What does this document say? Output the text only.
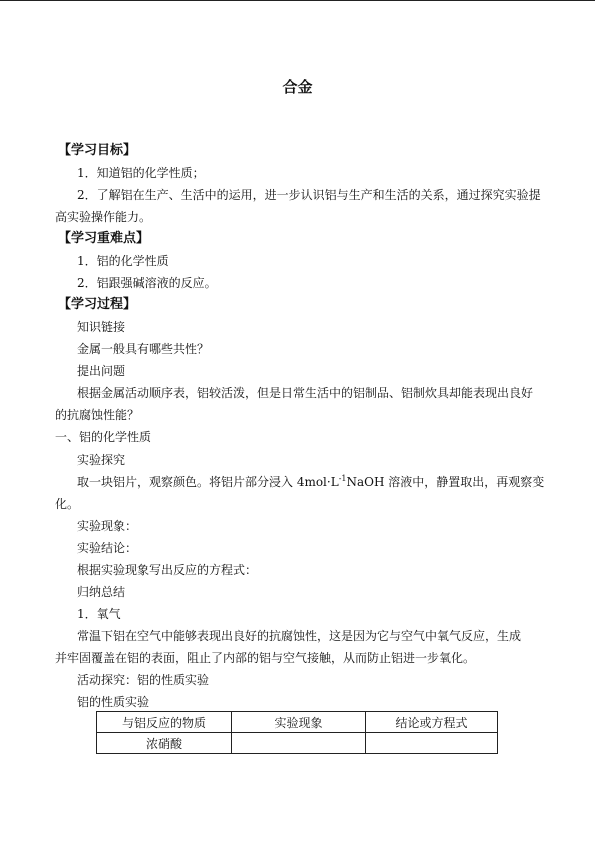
合金
【学习目标】
1．知道铝的化学性质；
2．了解铝在生产、生活中的运用，进一步认识铝与生产和生活的关系，通过探究实验提
高实验操作能力。
【学习重难点】
1．铝的化学性质
2．铝跟强碱溶液的反应。
【学习过程】
知识链接
金属一般具有哪些共性？
提出问题
根据金属活动顺序表，铝较活泼，但是日常生活中的铝制品、铝制炊具却能表现出良好
的抗腐蚀性能？
一、铝的化学性质
实验探究
取一块铝片，观察颜色。将铝片部分浸入 $4mol\cdot L^{-1}NaOH$ 溶液中，静置取出，再观察变
化。
实验现象：
实验结论：
根据实验现象写出反应的方程式：
归纳总结
1．氧气
常温下铝在空气中能够表现出良好的抗腐蚀性，这是因为它与空气中氧气反应，生成
并牢固覆盖在铝的表面，阻止了内部的铝与空气接触，从而防止铝进一步氧化。
活动探究：铝的性质实验
铝的性质实验
与铝反应的物质	实验现象	结论或方程式
浓硝酸		
